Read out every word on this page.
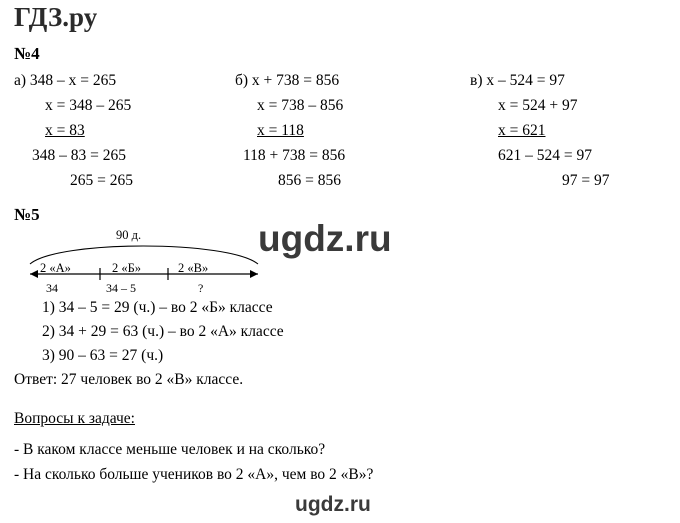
ГДЗ.ру
№4
а) 348 – х = 265
х = 348 – 265
х = 83
348 – 83 = 265
265 = 265
б) х + 738 = 856
х = 738 – 856
х = 118
118 + 738 = 856
856 = 856
в) х – 524 = 97
х = 524 + 97
х = 621
621 – 524 = 97
97 = 97
№5
90 д.
2 «А»	2 «Б»	2 «В»
34	34 – 5	?
ugdz.ru
1) 34 – 5 = 29 (ч.) – во 2 «Б» классе
2) 34 + 29 = 63 (ч.) – во 2 «А» классе
3) 90 – 63 = 27 (ч.)
Ответ: 27 человек во 2 «В» классе.
Вопросы к задаче:
- В каком классе меньше человек и на сколько?
- На сколько больше учеников во 2 «А», чем во 2 «В»?
ugdz.ru
